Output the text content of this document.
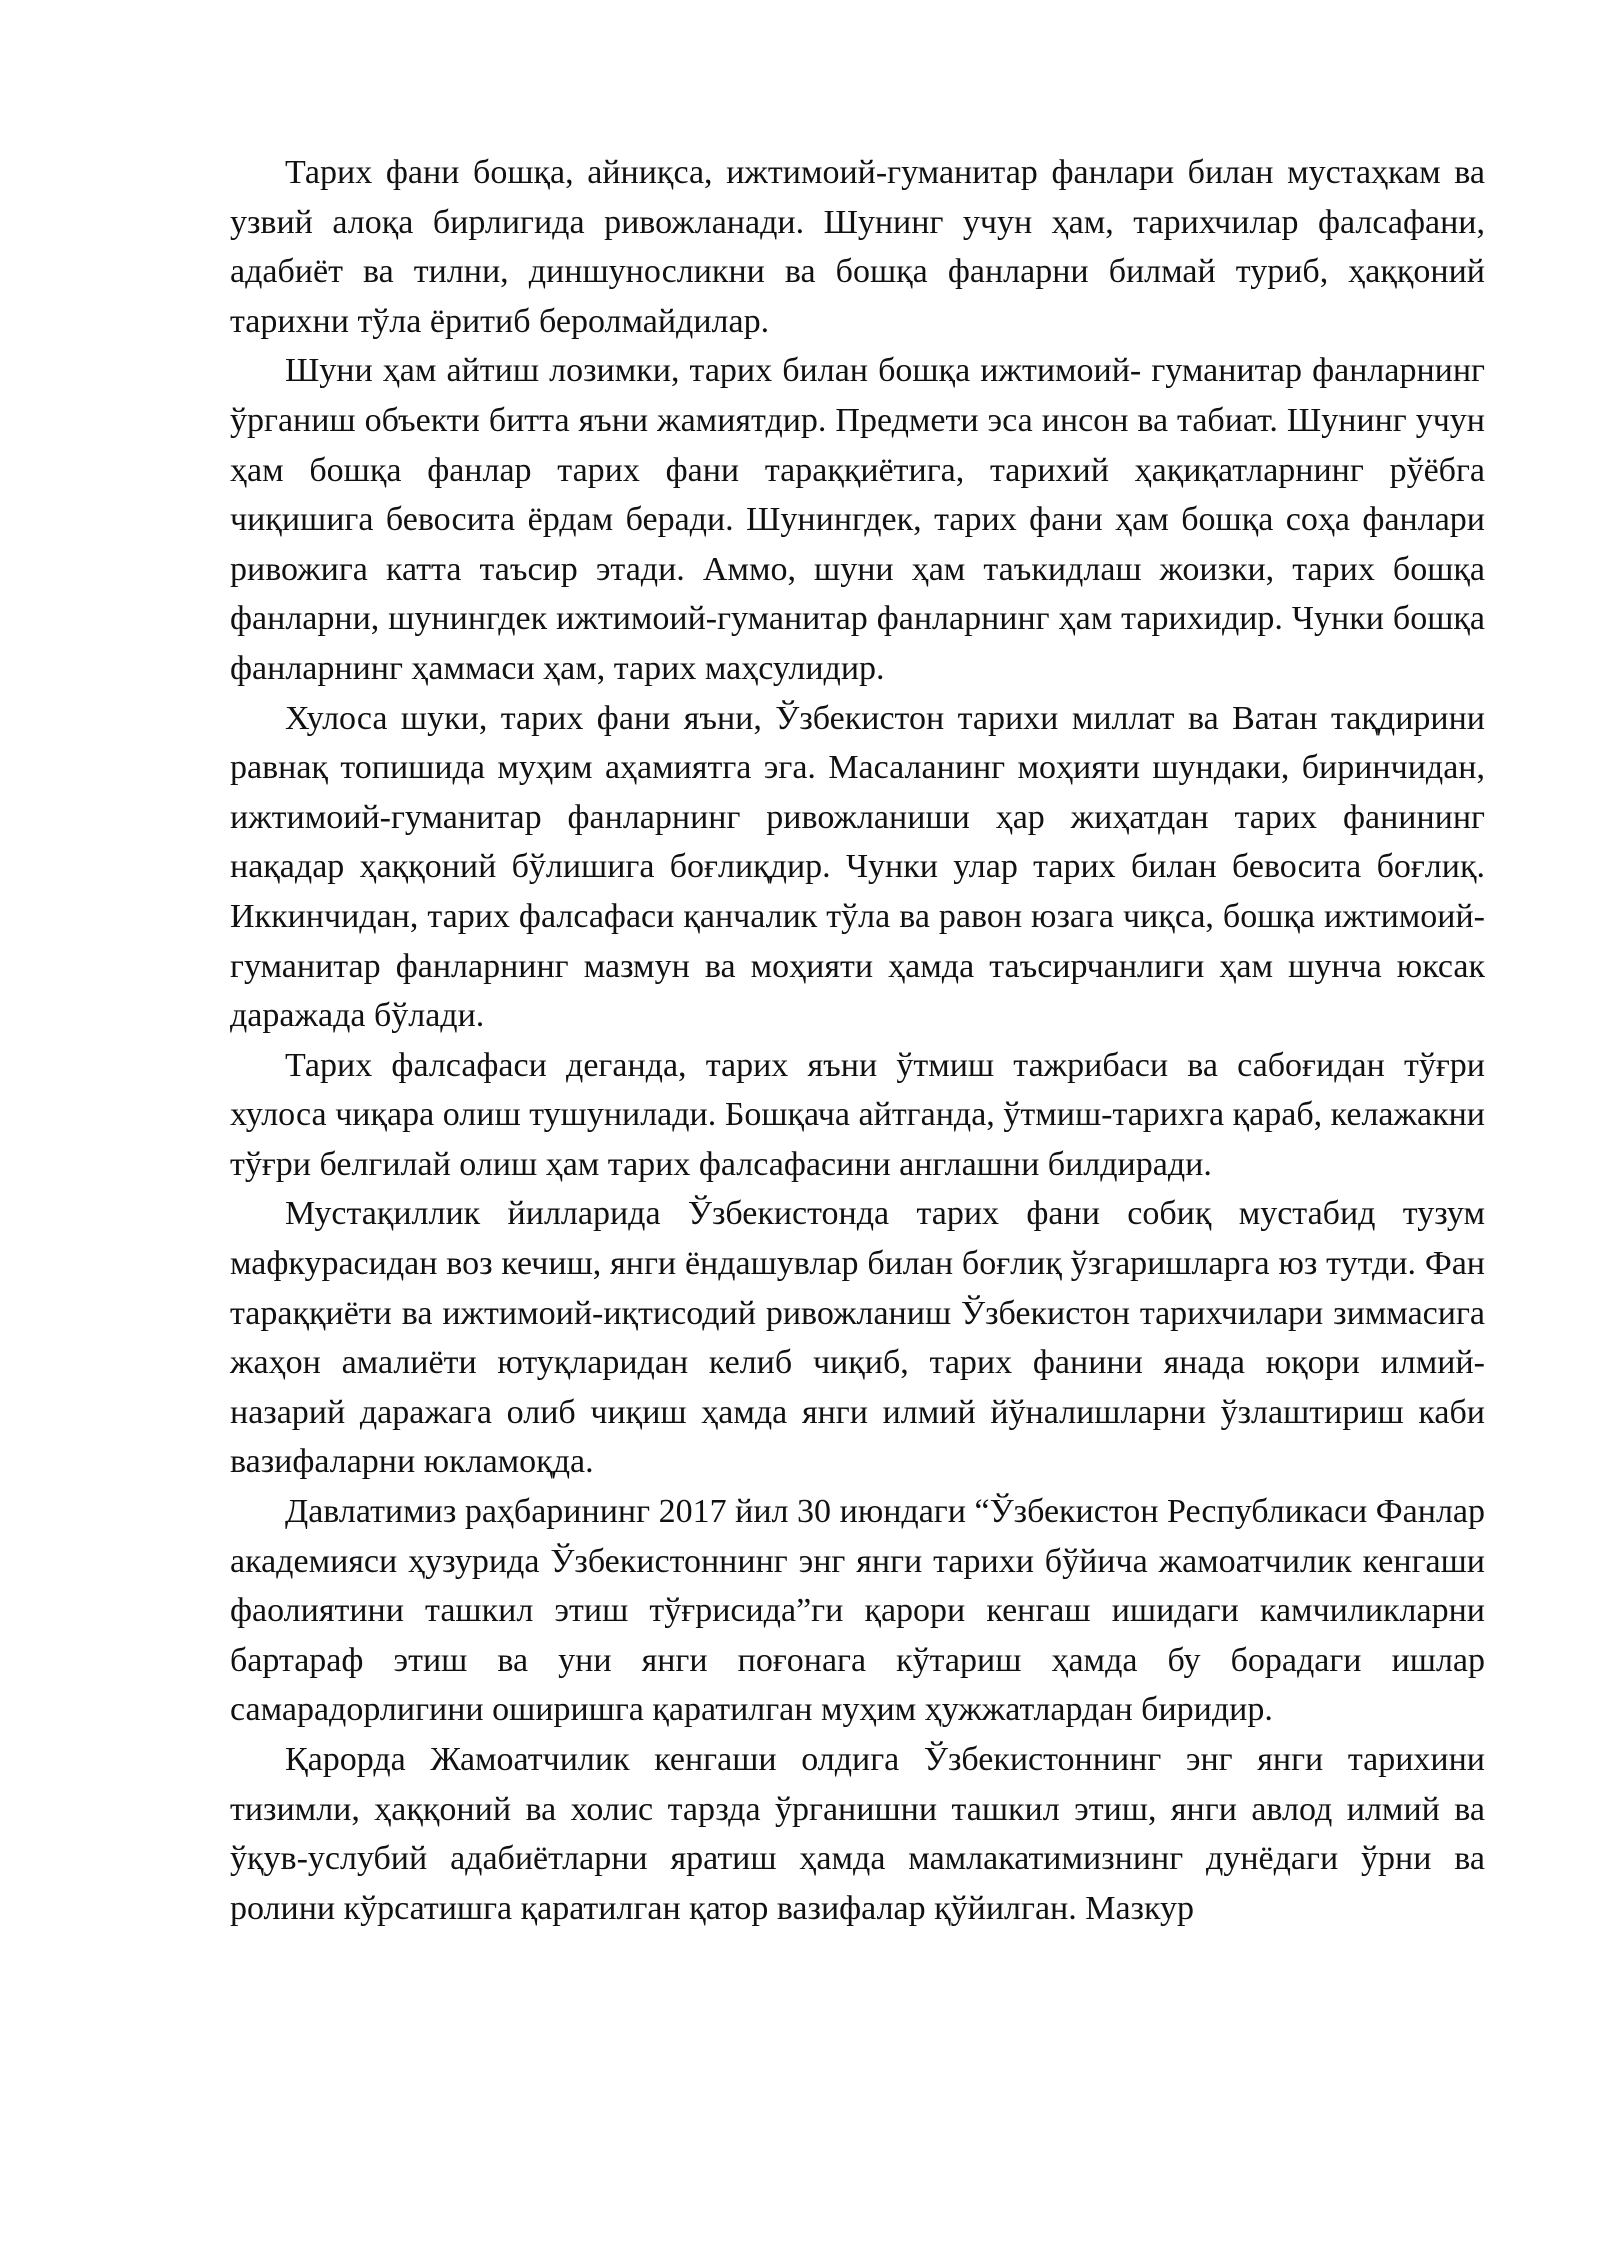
Тарих фани бошқа, айниқса, ижтимоий-гуманитар фанлари билан мустаҳкам ва узвий алоқа бирлигида ривожланади. Шунинг учун ҳам, тарихчилар фалсафани, адабиёт ва тилни, диншуносликни ва бошқа фанларни билмай туриб, ҳаққоний тарихни тўла ёритиб беролмайдилар.

Шуни ҳам айтиш лозимки, тарих билан бошқа ижтимоий- гуманитар фанларнинг ўрганиш объекти битта яъни жамиятдир. Предмети эса инсон ва табиат. Шунинг учун ҳам бошқа фанлар тарих фани тараққиётига, тарихий ҳақиқатларнинг рўёбга чиқишига бевосита ёрдам беради. Шунингдек, тарих фани ҳам бошқа соҳа фанлари ривожига катта таъсир этади. Аммо, шуни ҳам таъкидлаш жоизки, тарих бошқа фанларни, шунингдек ижтимоий-гуманитар фанларнинг ҳам тарихидир. Чунки бошқа фанларнинг ҳаммаси ҳам, тарих маҳсулидир.

Хулоса шуки, тарих фани яъни, Ўзбекистон тарихи миллат ва Ватан тақдирини равнақ топишида муҳим аҳамиятга эга. Масаланинг моҳияти шундаки, биринчидан, ижтимоий-гуманитар фанларнинг ривожланиши ҳар жиҳатдан тарих фанининг нақадар ҳаққоний бўлишига боғлиқдир. Чунки улар тарих билан бевосита боғлиқ. Иккинчидан, тарих фалсафаси қанчалик тўла ва равон юзага чиқса, бошқа ижтимоий-гуманитар фанларнинг мазмун ва моҳияти ҳамда таъсирчанлиги ҳам шунча юксак даражада бўлади.

Тарих фалсафаси деганда, тарих яъни ўтмиш тажрибаси ва сабоғидан тўғри хулоса чиқара олиш тушунилади. Бошқача айтганда, ўтмиш-тарихга қараб, келажакни тўғри белгилай олиш ҳам тарих фалсафасини англашни билдиради.

Мустақиллик йилларида Ўзбекистонда тарих фани собиқ мустабид тузум мафкурасидан воз кечиш, янги ёндашувлар билан боғлиқ ўзгаришларга юз тутди. Фан тараққиёти ва ижтимоий-иқтисодий ривожланиш Ўзбекистон тарихчилари зиммасига жаҳон амалиёти ютуқларидан келиб чиқиб, тарих фанини янада юқори илмий-назарий даражага олиб чиқиш ҳамда янги илмий йўналишларни ўзлаштириш каби вазифаларни юкламоқда.

Давлатимиз раҳбарининг 2017 йил 30 июндаги “Ўзбекистон Республикаси Фанлар академияси ҳузурида Ўзбекистоннинг энг янги тарихи бўйича жамоатчилик кенгаши фаолиятини ташкил этиш тўғрисида”ги қарори кенгаш ишидаги камчиликларни бартараф этиш ва уни янги поғонага кўтариш ҳамда бу борадаги ишлар самарадорлигини оширишга қаратилган муҳим ҳужжатлардан биридир.

Қарорда Жамоатчилик кенгаши олдига Ўзбекистоннинг энг янги тарихини тизимли, ҳаққоний ва холис тарзда ўрганишни ташкил этиш, янги авлод илмий ва ўқув-услубий адабиётларни яратиш ҳамда мамлакатимизнинг дунёдаги ўрни ва ролини кўрсатишга қаратилган қатор вазифалар қўйилган. Мазкур
